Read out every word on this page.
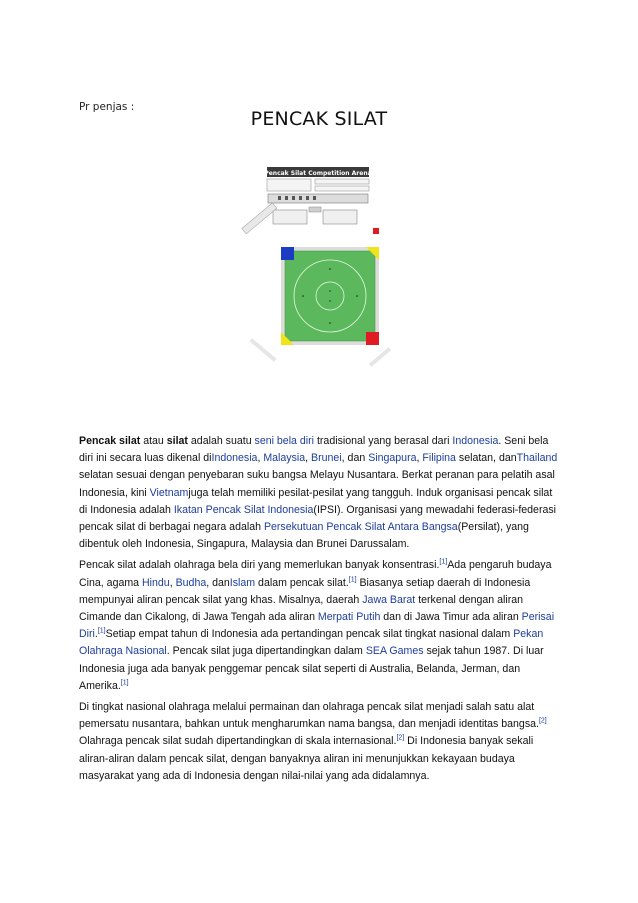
Pr penjas :
PENCAK SILAT
Pencak Silat Competition Arena

Pencak silat atau silat adalah suatu seni bela diri tradisional yang berasal dari Indonesia. Seni bela diri ini secara luas dikenal diIndonesia, Malaysia, Brunei, dan Singapura, Filipina selatan, danThailand selatan sesuai dengan penyebaran suku bangsa Melayu Nusantara. Berkat peranan para pelatih asal Indonesia, kini Vietnamjuga telah memiliki pesilat-pesilat yang tangguh. Induk organisasi pencak silat di Indonesia adalah Ikatan Pencak Silat Indonesia(IPSI). Organisasi yang mewadahi federasi-federasi pencak silat di berbagai negara adalah Persekutuan Pencak Silat Antara Bangsa(Persilat), yang dibentuk oleh Indonesia, Singapura, Malaysia dan Brunei Darussalam.

Pencak silat adalah olahraga bela diri yang memerlukan banyak konsentrasi.[1]Ada pengaruh budaya Cina, agama Hindu, Budha, danIslam dalam pencak silat.[1] Biasanya setiap daerah di Indonesia mempunyai aliran pencak silat yang khas. Misalnya, daerah Jawa Barat terkenal dengan aliran Cimande dan Cikalong, di Jawa Tengah ada aliran Merpati Putih dan di Jawa Timur ada aliran Perisai Diri.[1]Setiap empat tahun di Indonesia ada pertandingan pencak silat tingkat nasional dalam Pekan Olahraga Nasional. Pencak silat juga dipertandingkan dalam SEA Games sejak tahun 1987. Di luar Indonesia juga ada banyak penggemar pencak silat seperti di Australia, Belanda, Jerman, dan Amerika.[1]

Di tingkat nasional olahraga melalui permainan dan olahraga pencak silat menjadi salah satu alat pemersatu nusantara, bahkan untuk mengharumkan nama bangsa, dan menjadi identitas bangsa.[2] Olahraga pencak silat sudah dipertandingkan di skala internasional.[2] Di Indonesia banyak sekali aliran-aliran dalam pencak silat, dengan banyaknya aliran ini menunjukkan kekayaan budaya masyarakat yang ada di Indonesia dengan nilai-nilai yang ada didalamnya.
